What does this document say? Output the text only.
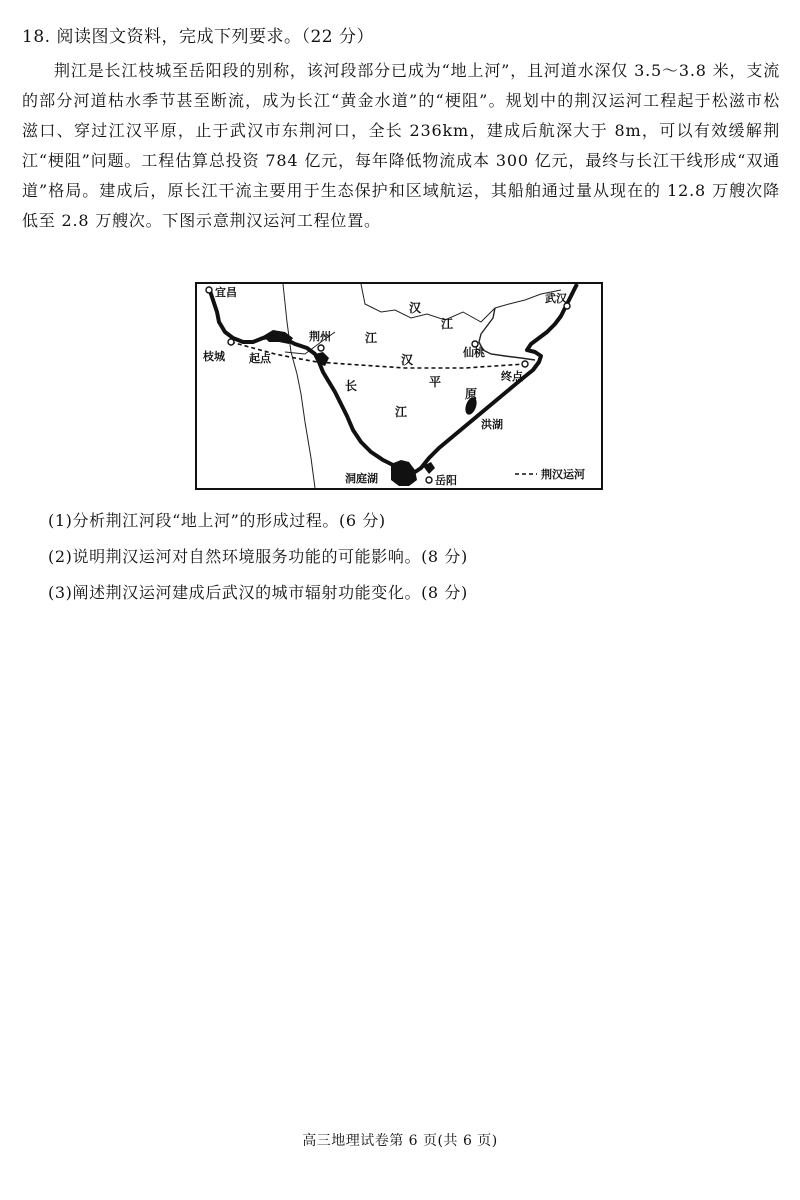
18. 阅读图文资料，完成下列要求。（22 分）

荆江是长江枝城至岳阳段的别称，该河段部分已成为“地上河”，且河道水深仅 3.5～3.8 米，支流的部分河道枯水季节甚至断流，成为长江“黄金水道”的“梗阻”。规划中的荆汉运河工程起于松滋市松滋口、穿过江汉平原，止于武汉市东荆河口，全长 236km，建成后航深大于 8m，可以有效缓解荆江“梗阻”问题。工程估算总投资 784 亿元，每年降低物流成本 300 亿元，最终与长江干线形成“双通道”格局。建成后，原长江干流主要用于生态保护和区域航运，其船舶通过量从现在的 12.8 万艘次降低至 2.8 万艘次。下图示意荆汉运河工程位置。

宜昌
枝城 起点
荆州
仙桃
武汉
终点
洪湖
洞庭湖	岳阳
江
汉
平
原
汉
江
长
江
荆汉运河
(1)分析荆江河段“地上河”的形成过程。(6 分)
(2)说明荆汉运河对自然环境服务功能的可能影响。(8 分)
(3)阐述荆汉运河建成后武汉的城市辐射功能变化。(8 分)
高三地理试卷第 6 页(共 6 页)
